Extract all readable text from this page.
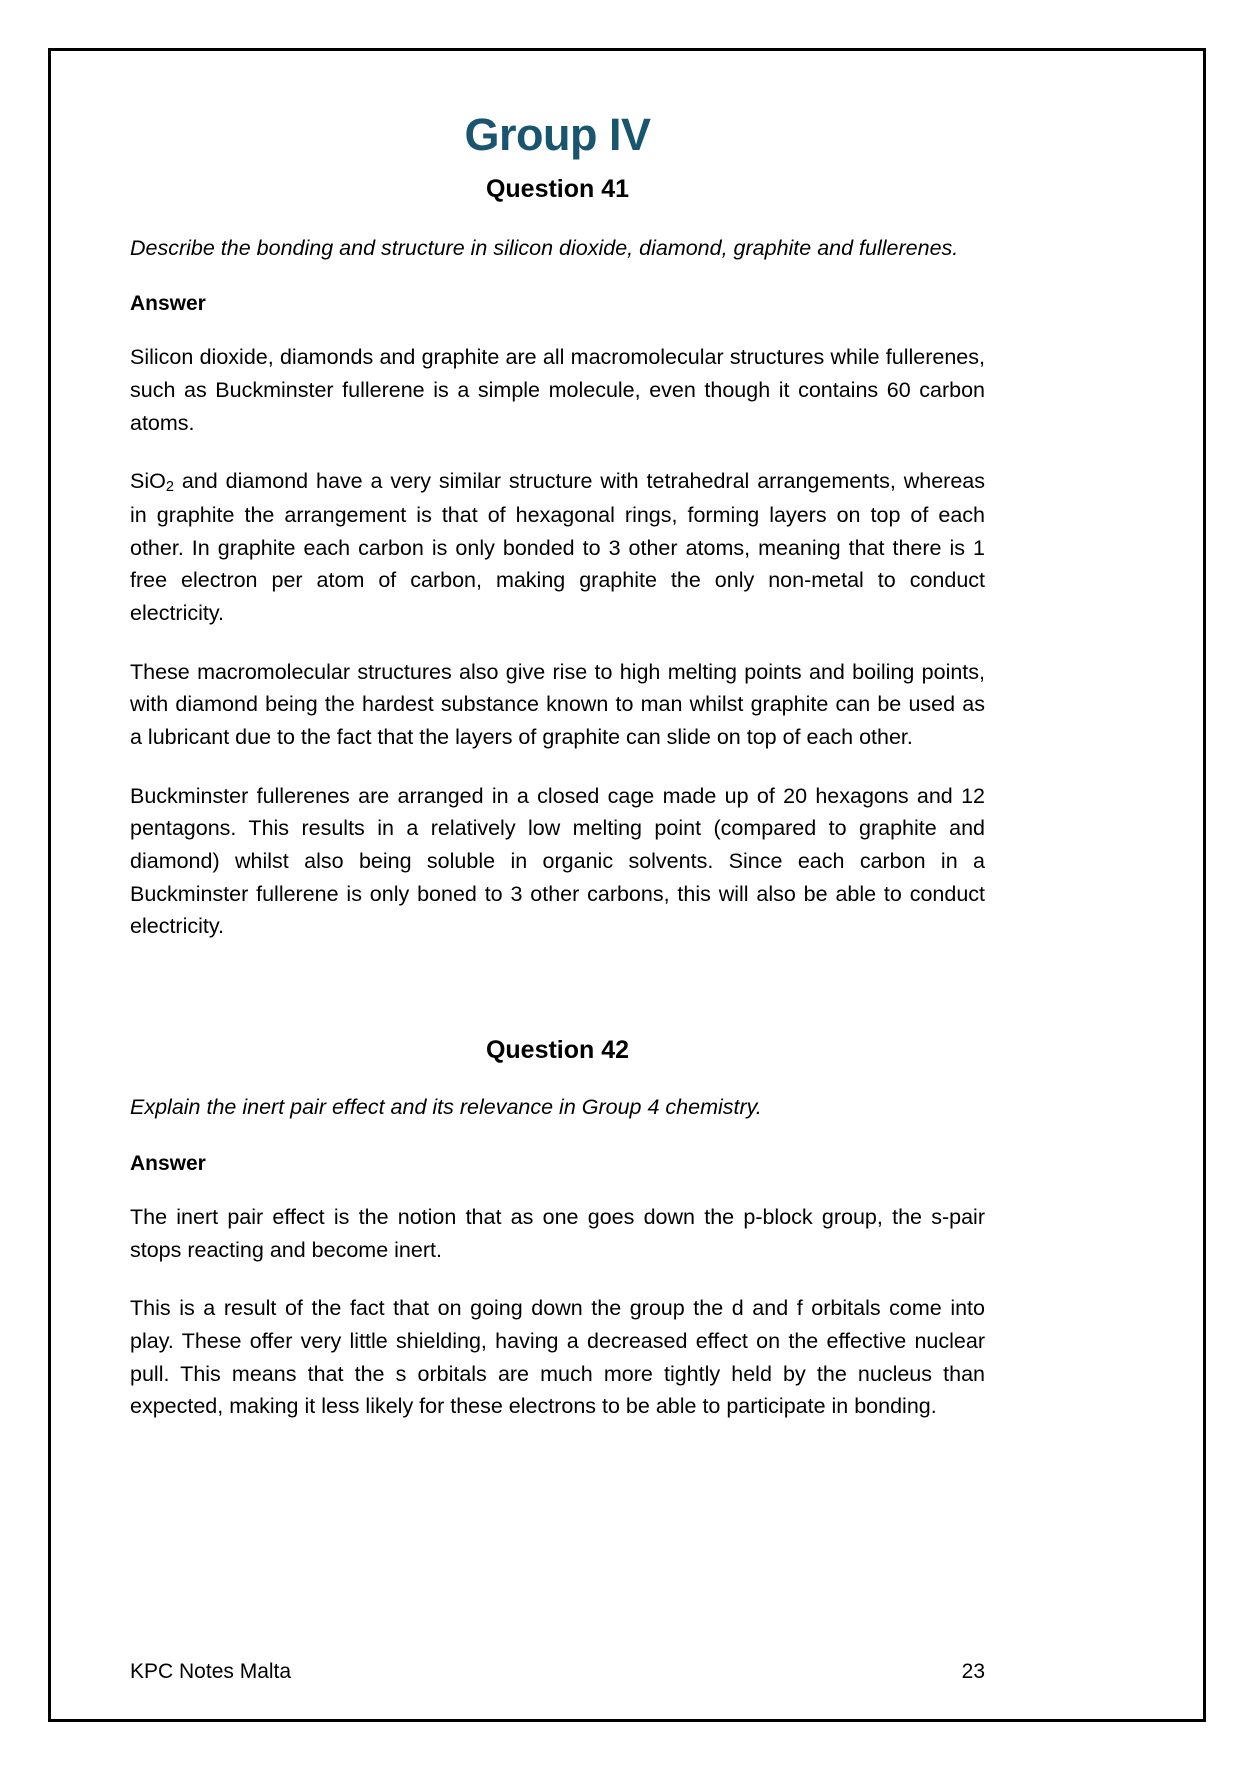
Group IV
Question 41

Describe the bonding and structure in silicon dioxide, diamond, graphite and fullerenes.

Answer

Silicon dioxide, diamonds and graphite are all macromolecular structures while fullerenes, such as Buckminster fullerene is a simple molecule, even though it contains 60 carbon atoms.

SiO$_2$ and diamond have a very similar structure with tetrahedral arrangements, whereas in graphite the arrangement is that of hexagonal rings, forming layers on top of each other. In graphite each carbon is only bonded to 3 other atoms, meaning that there is 1 free electron per atom of carbon, making graphite the only non-metal to conduct electricity.

These macromolecular structures also give rise to high melting points and boiling points, with diamond being the hardest substance known to man whilst graphite can be used as a lubricant due to the fact that the layers of graphite can slide on top of each other.

Buckminster fullerenes are arranged in a closed cage made up of 20 hexagons and 12 pentagons. This results in a relatively low melting point (compared to graphite and diamond) whilst also being soluble in organic solvents. Since each carbon in a Buckminster fullerene is only boned to 3 other carbons, this will also be able to conduct electricity.

Question 42

Explain the inert pair effect and its relevance in Group 4 chemistry.

Answer

The inert pair effect is the notion that as one goes down the p-block group, the s-pair stops reacting and become inert.

This is a result of the fact that on going down the group the d and f orbitals come into play. These offer very little shielding, having a decreased effect on the effective nuclear pull. This means that the s orbitals are much more tightly held by the nucleus than expected, making it less likely for these electrons to be able to participate in bonding.

KPC Notes Malta	23
